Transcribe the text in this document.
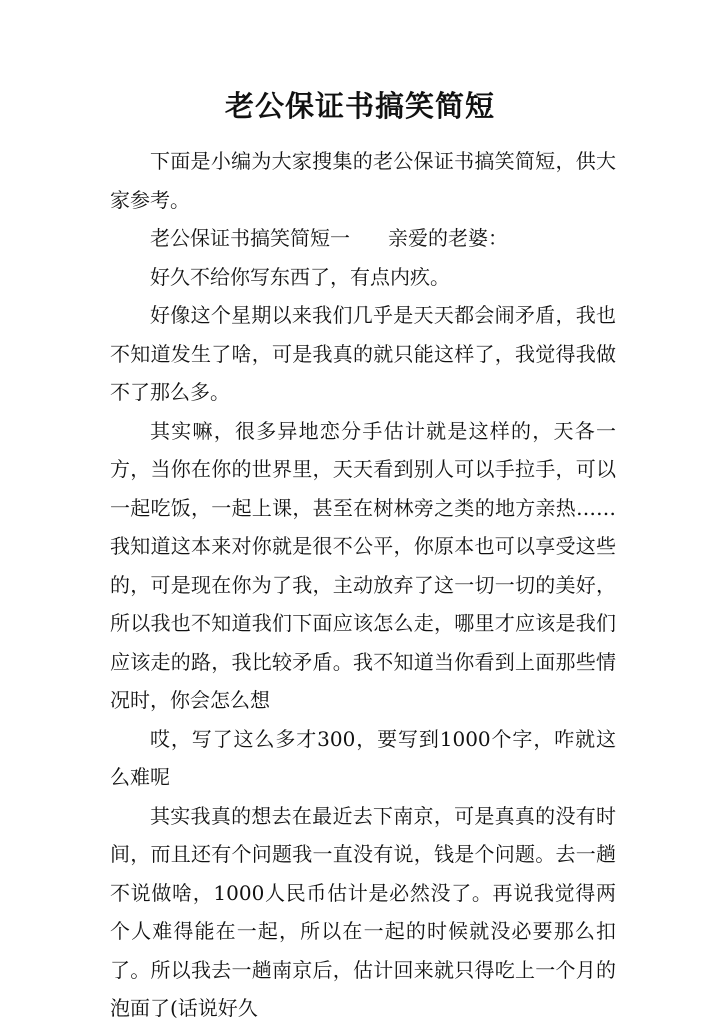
老公保证书搞笑简短

下面是小编为大家搜集的老公保证书搞笑简短，供大家参考。

老公保证书搞笑简短一 亲爱的老婆：

好久不给你写东西了，有点内疚。

好像这个星期以来我们几乎是天天都会闹矛盾，我也不知道发生了啥，可是我真的就只能这样了，我觉得我做不了那么多。

其实嘛，很多异地恋分手估计就是这样的，天各一方，当你在你的世界里，天天看到别人可以手拉手，可以一起吃饭，一起上课，甚至在树林旁之类的地方亲热……我知道这本来对你就是很不公平，你原本也可以享受这些的，可是现在你为了我，主动放弃了这一切一切的美好，所以我也不知道我们下面应该怎么走，哪里才应该是我们应该走的路，我比较矛盾。我不知道当你看到上面那些情况时，你会怎么想

哎，写了这么多才300，要写到1000个字，咋就这么难呢

其实我真的想去在最近去下南京，可是真真的没有时间，而且还有个问题我一直没有说，钱是个问题。去一趟不说做啥，1000人民币估计是必然没了。再说我觉得两个人难得能在一起，所以在一起的时候就没必要那么扣了。所以我去一趟南京后，估计回来就只得吃上一个月的泡面了(话说好久
